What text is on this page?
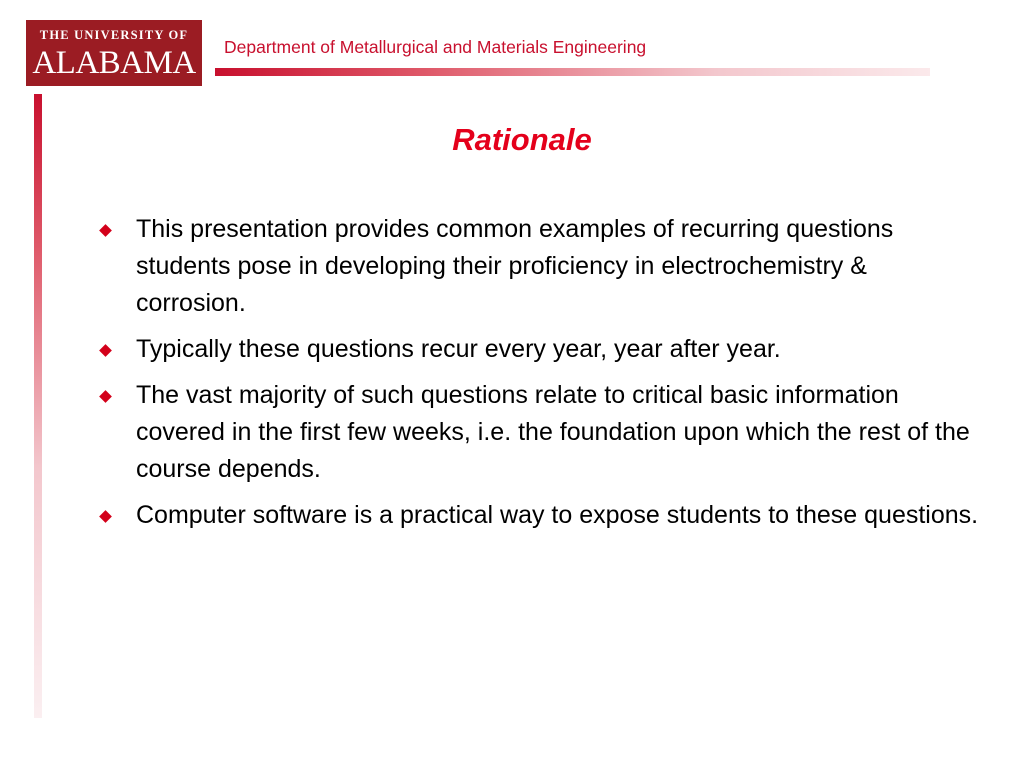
THE UNIVERSITY OF
ALABAMA	Department of Metallurgical and Materials Engineering
Rationale
This presentation provides common examples of recurring questions students pose in developing their proficiency in electrochemistry & corrosion.
Typically these questions recur every year, year after year.
The vast majority of such questions relate to critical basic information covered in the first few weeks, i.e. the foundation upon which the rest of the course depends.
Computer software is a practical way to expose students to these questions.
